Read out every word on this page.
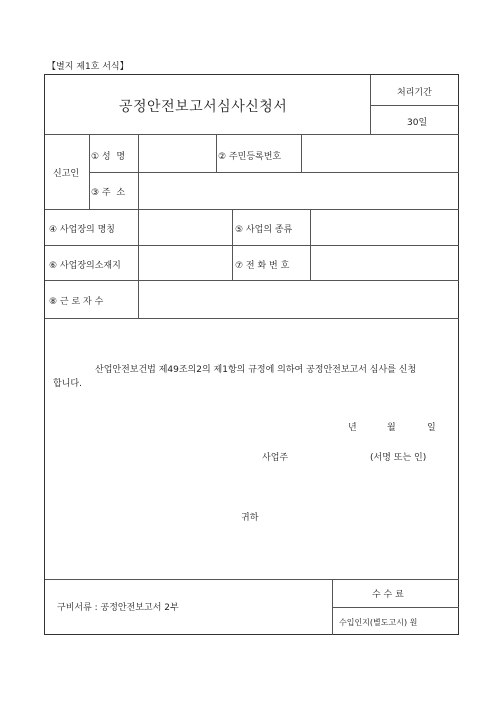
【별지 제1호 서식】
공정안전보고서심사신청서
처리기간
30일
신고인
① 성  명	② 주민등록번호
③ 주  소
④ 사업장의 명칭	⑤ 사업의 종류
⑥ 사업장의소재지	⑦ 전 화 번 호
⑧ 근 로 자 수
산업안전보건법 제49조의2의 제1항의 규정에 의하여 공정안전보고서 심사를 신청
합니다.
년	월	일
사업주	(서명 또는 인)
귀하
구비서류 : 공정안전보고서 2부
수 수 료
수입인지(별도고시) 원
